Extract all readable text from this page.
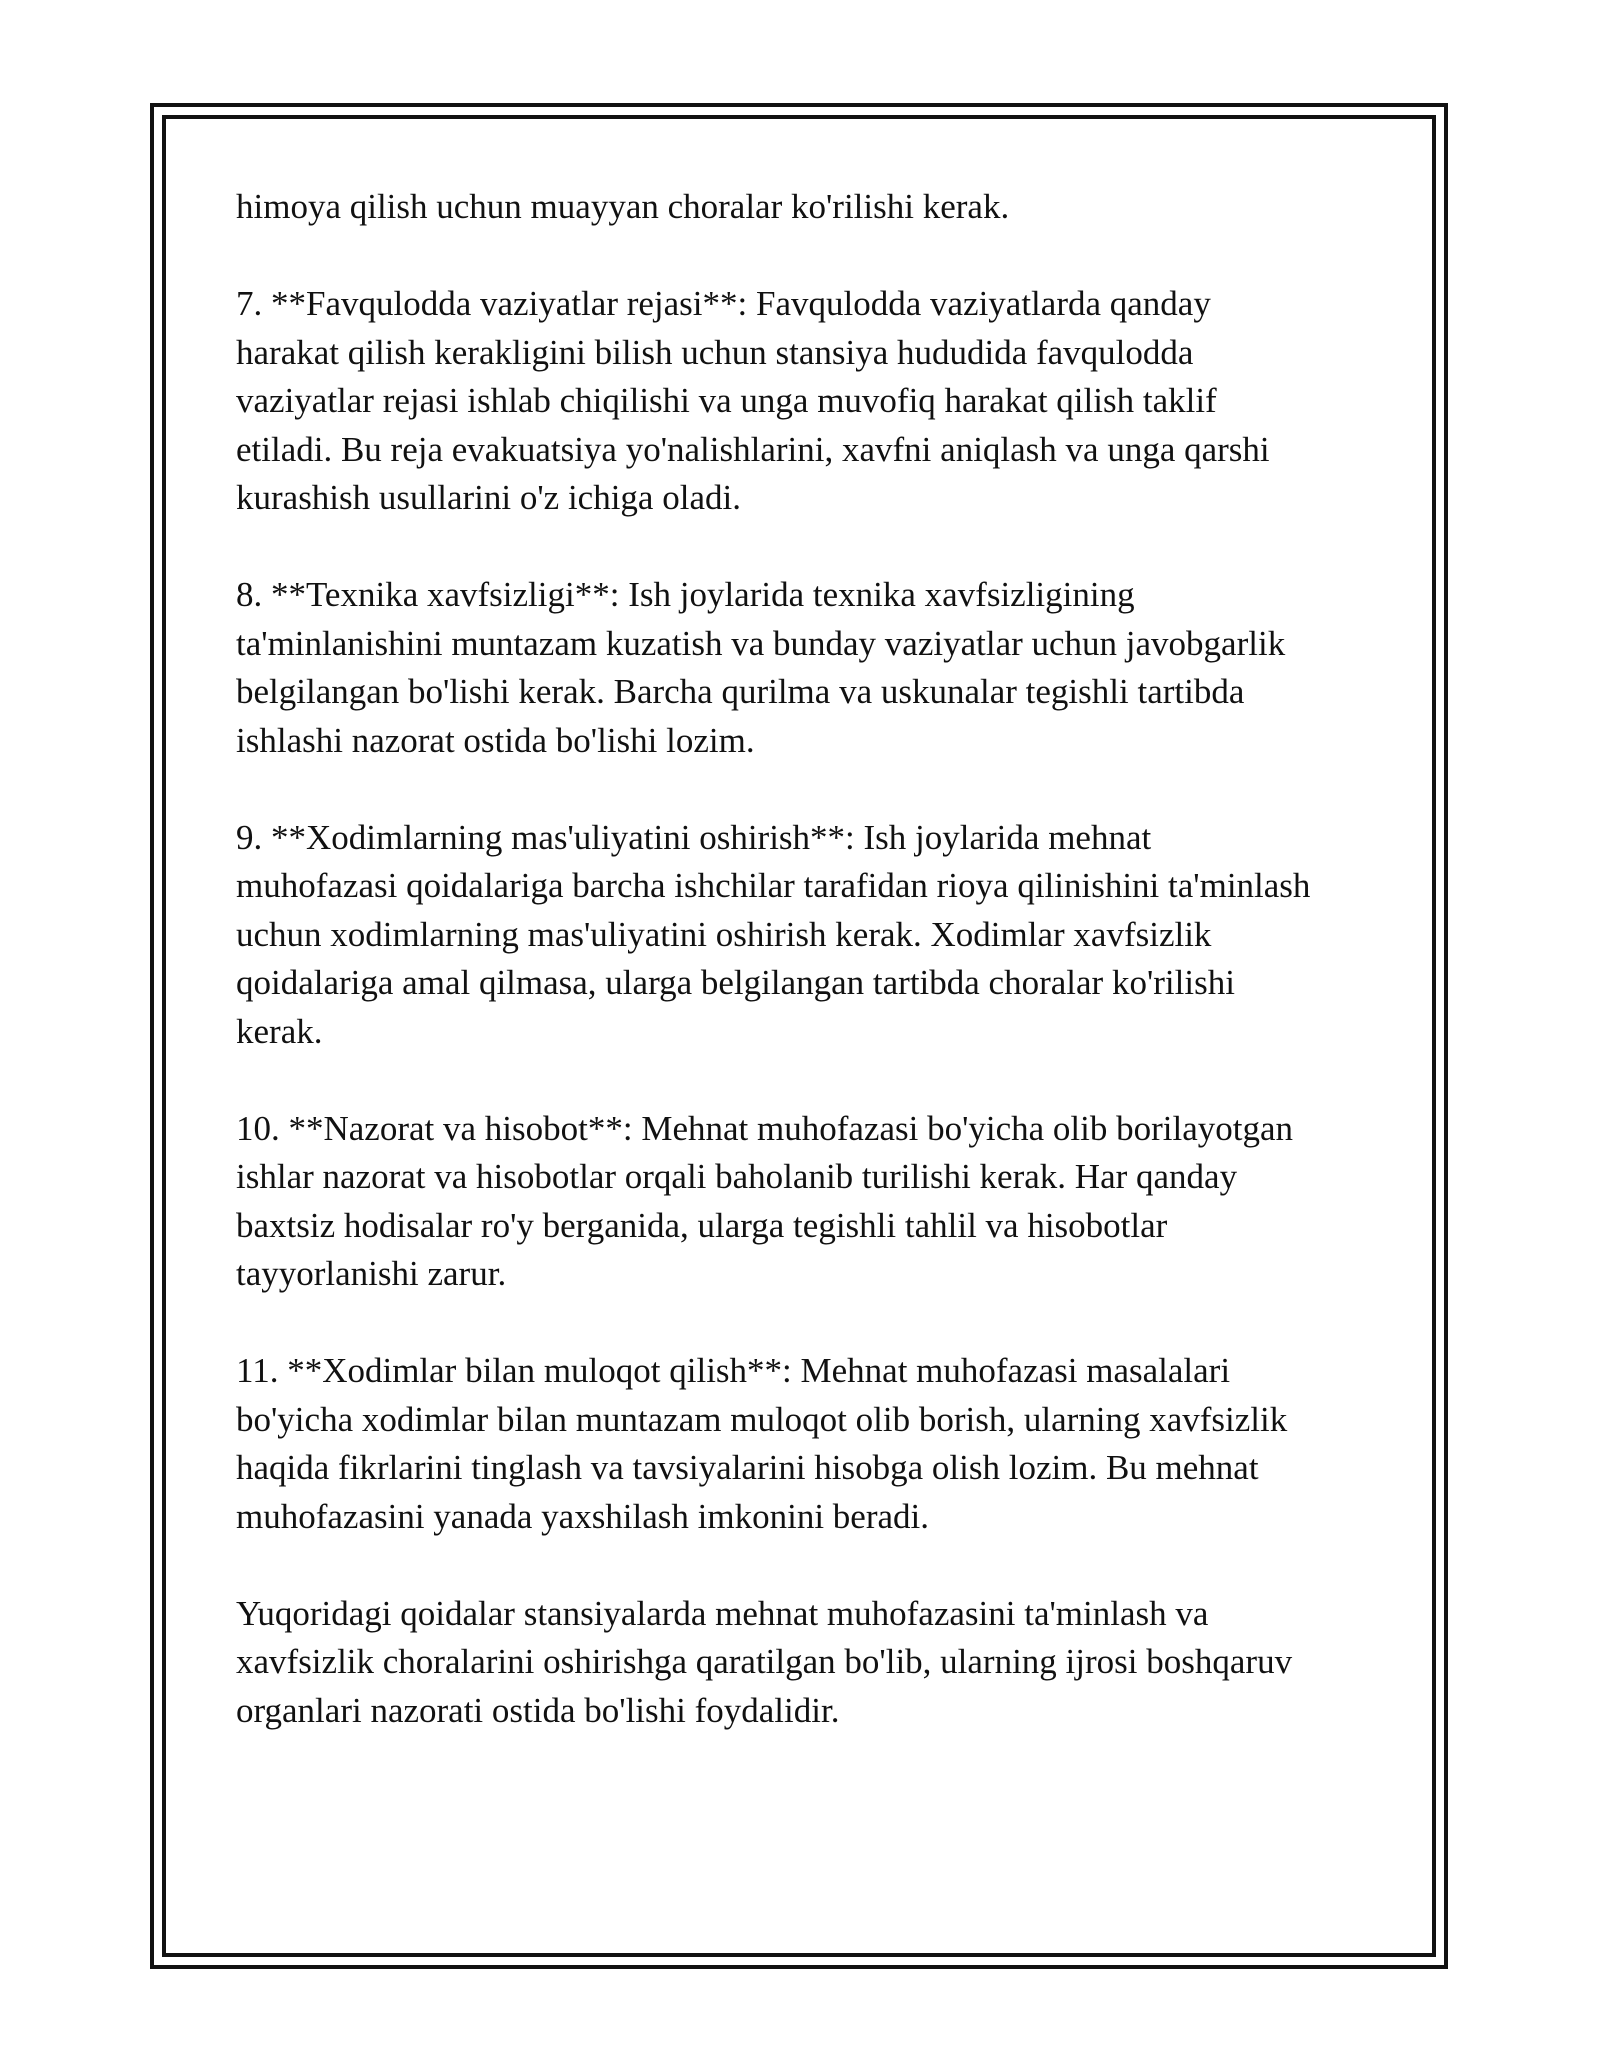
himoya qilish uchun muayyan choralar ko'rilishi kerak.

7. **Favqulodda vaziyatlar rejasi**: Favqulodda vaziyatlarda qanday
harakat qilish kerakligini bilish uchun stansiya hududida favqulodda
vaziyatlar rejasi ishlab chiqilishi va unga muvofiq harakat qilish taklif
etiladi. Bu reja evakuatsiya yo'nalishlarini, xavfni aniqlash va unga qarshi
kurashish usullarini o'z ichiga oladi.

8. **Texnika xavfsizligi**: Ish joylarida texnika xavfsizligining
ta'minlanishini muntazam kuzatish va bunday vaziyatlar uchun javobgarlik
belgilangan bo'lishi kerak. Barcha qurilma va uskunalar tegishli tartibda
ishlashi nazorat ostida bo'lishi lozim.

9. **Xodimlarning mas'uliyatini oshirish**: Ish joylarida mehnat
muhofazasi qoidalariga barcha ishchilar tarafidan rioya qilinishini ta'minlash
uchun xodimlarning mas'uliyatini oshirish kerak. Xodimlar xavfsizlik
qoidalariga amal qilmasa, ularga belgilangan tartibda choralar ko'rilishi
kerak.

10. **Nazorat va hisobot**: Mehnat muhofazasi bo'yicha olib borilayotgan
ishlar nazorat va hisobotlar orqali baholanib turilishi kerak. Har qanday
baxtsiz hodisalar ro'y berganida, ularga tegishli tahlil va hisobotlar
tayyorlanishi zarur.

11. **Xodimlar bilan muloqot qilish**: Mehnat muhofazasi masalalari
bo'yicha xodimlar bilan muntazam muloqot olib borish, ularning xavfsizlik
haqida fikrlarini tinglash va tavsiyalarini hisobga olish lozim. Bu mehnat
muhofazasini yanada yaxshilash imkonini beradi.

Yuqoridagi qoidalar stansiyalarda mehnat muhofazasini ta'minlash va
xavfsizlik choralarini oshirishga qaratilgan bo'lib, ularning ijrosi boshqaruv
organlari nazorati ostida bo'lishi foydalidir.
